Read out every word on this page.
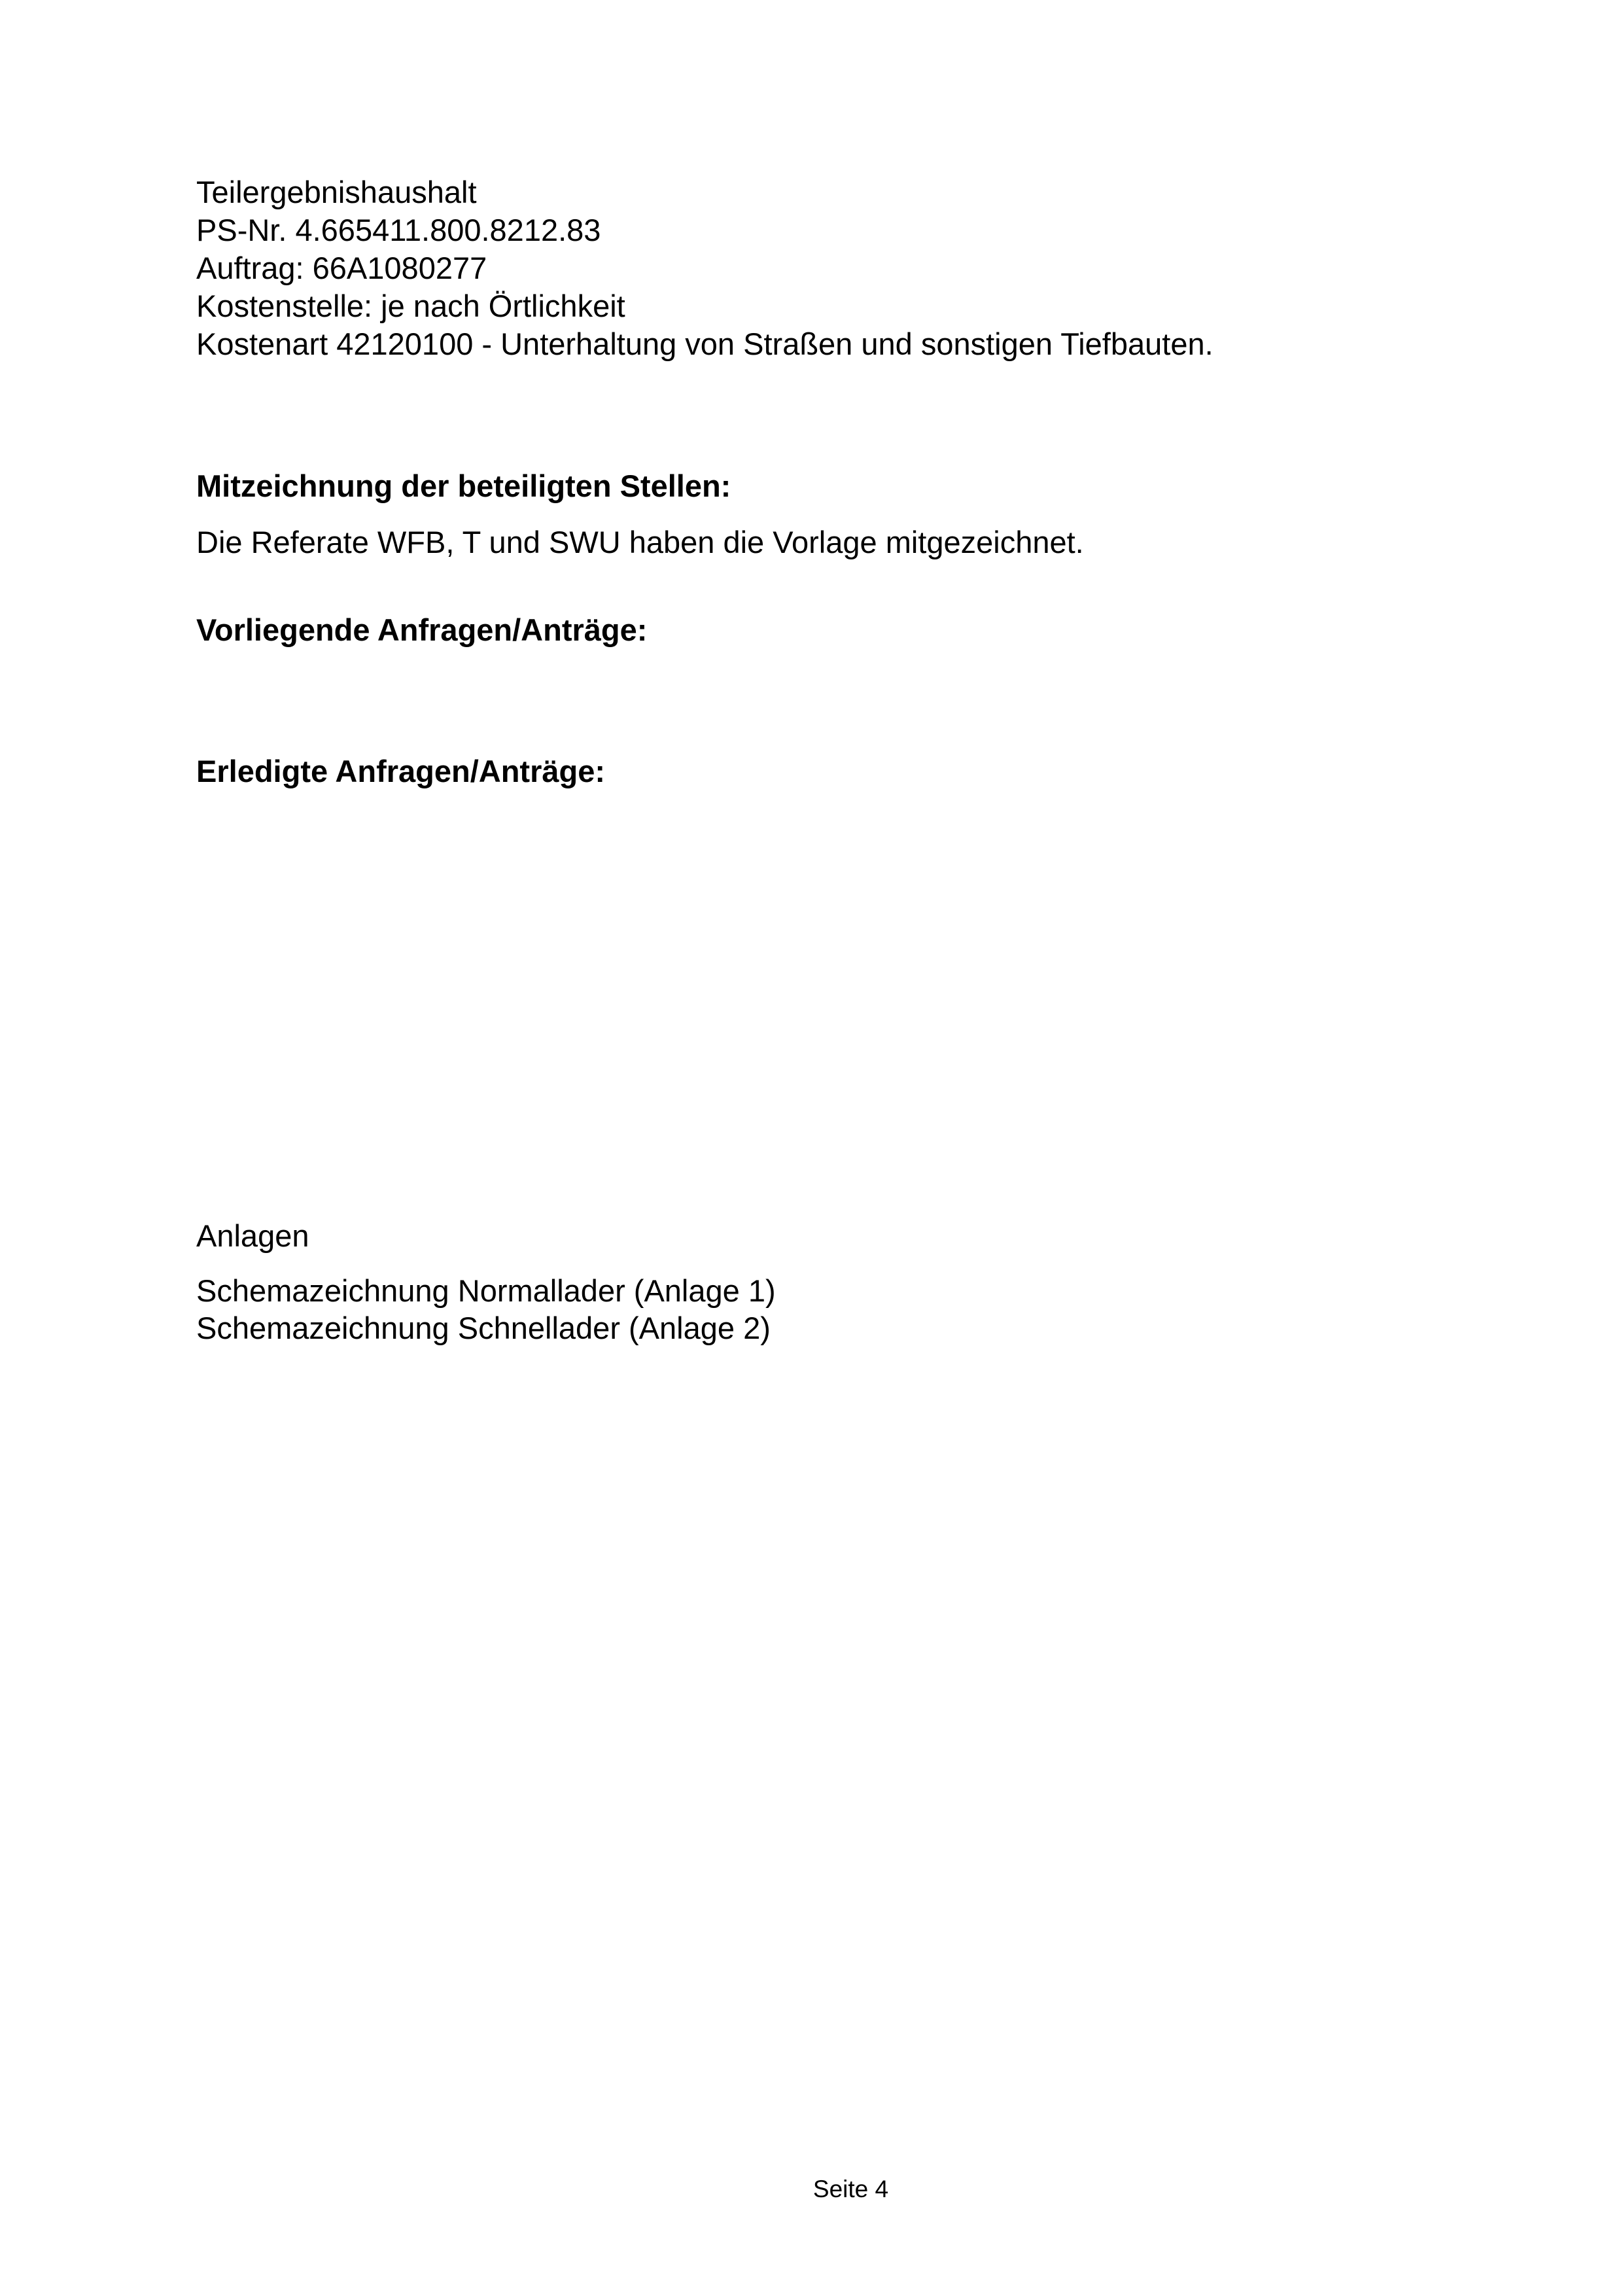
Teilergebnishaushalt
PS-Nr. 4.665411.800.8212.83
Auftrag: 66A1080277
Kostenstelle: je nach Örtlichkeit
Kostenart 42120100 - Unterhaltung von Straßen und sonstigen Tiefbauten.
Mitzeichnung der beteiligten Stellen:
Die Referate WFB, T und SWU haben die Vorlage mitgezeichnet.
Vorliegende Anfragen/Anträge:
Erledigte Anfragen/Anträge:
Anlagen
Schemazeichnung Normallader (Anlage 1)
Schemazeichnung Schnellader (Anlage 2)
Seite 4
